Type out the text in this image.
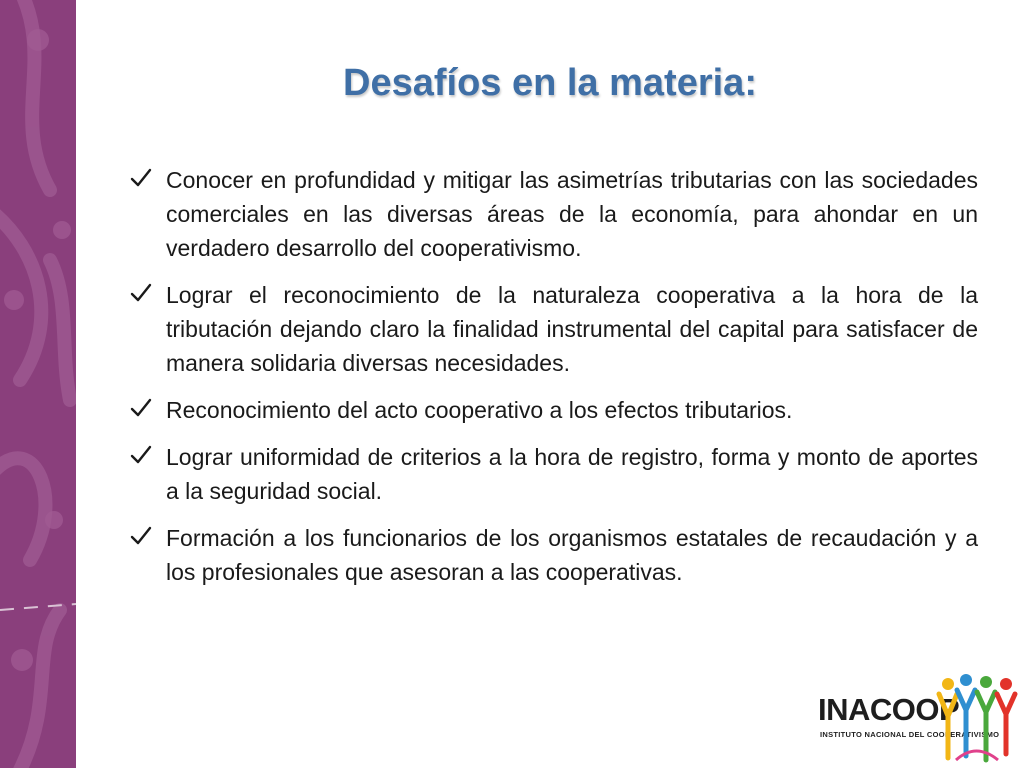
Desafíos en la materia:
Conocer en profundidad y mitigar las asimetrías tributarias con las sociedades comerciales en las diversas áreas de la economía, para ahondar en un verdadero desarrollo del cooperativismo.
Lograr el reconocimiento de la naturaleza cooperativa a la hora de la tributación dejando claro la finalidad instrumental del capital para satisfacer de manera solidaria diversas necesidades.
Reconocimiento del acto cooperativo a los efectos tributarios.
Lograr uniformidad de criterios a la hora de registro, forma y monto de aportes a la seguridad social.
Formación a los funcionarios de los organismos estatales de recaudación y a los profesionales que asesoran a las cooperativas.
INACOOP
INSTITUTO NACIONAL DEL COOPERATIVISMO
